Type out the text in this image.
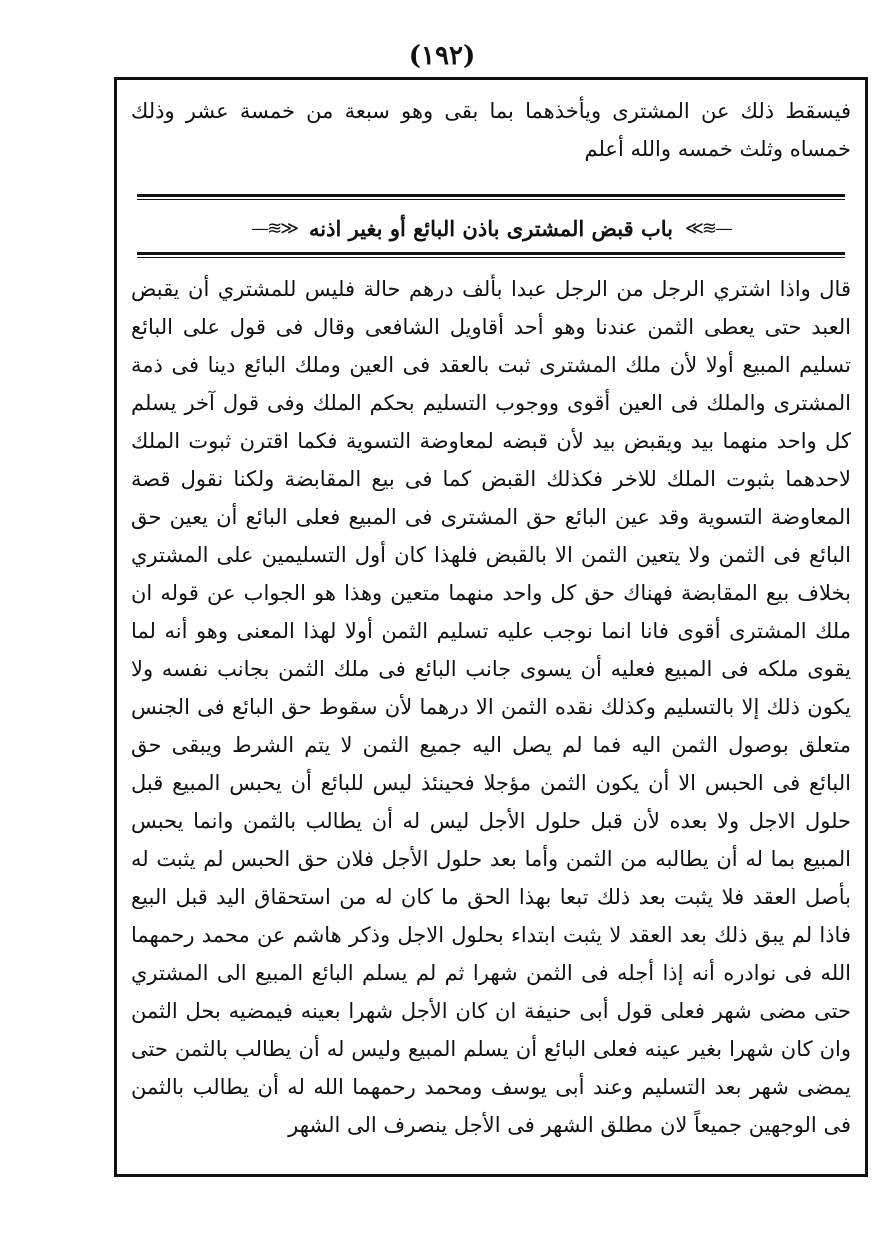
(۱۹۲)
فيسقط ذلك عن المشترى ويأخذهما بما بقى وهو سبعة من خمسة عشر وذلك خمساه وثلث خمسه والله أعلم
—≋≫
باب قبض المشترى باذن البائع أو بغير اذنه
≪≋—
قال واذا اشتري الرجل من الرجل عبدا بألف درهم حالة فليس للمشتري أن يقبض العبد حتى يعطى الثمن عندنا وهو أحد أقاويل الشافعى وقال فى قول على البائع تسليم المبيع أولا لأن ملك المشترى ثبت بالعقد فى العين وملك البائع دينا فى ذمة المشترى والملك فى العين أقوى ووجوب التسليم بحكم الملك وفى قول آخر يسلم كل واحد منهما بيد ويقبض بيد لأن قبضه لمعاوضة التسوية فكما اقترن ثبوت الملك لاحدهما بثبوت الملك للاخر فكذلك القبض كما فى بيع المقابضة ولكنا نقول قصة المعاوضة التسوية وقد عين البائع حق المشترى فى المبيع فعلى البائع أن يعين حق البائع فى الثمن ولا يتعين الثمن الا بالقبض فلهذا كان أول التسليمين على المشتري بخلاف بيع المقابضة فهناك حق كل واحد منهما متعين وهذا هو الجواب عن قوله ان ملك المشترى أقوى فانا انما نوجب عليه تسليم الثمن أولا لهذا المعنى وهو أنه لما يقوى ملكه فى المبيع فعليه أن يسوى جانب البائع فى ملك الثمن بجانب نفسه ولا يكون ذلك إلا بالتسليم وكذلك نقده الثمن الا درهما لأن سقوط حق البائع فى الجنس متعلق بوصول الثمن اليه فما لم يصل اليه جميع الثمن لا يتم الشرط ويبقى حق البائع فى الحبس الا أن يكون الثمن مؤجلا فحينئذ ليس للبائع أن يحبس المبيع قبل حلول الاجل ولا بعده لأن قبل حلول الأجل ليس له أن يطالب بالثمن وانما يحبس المبيع بما له أن يطالبه من الثمن وأما بعد حلول الأجل فلان حق الحبس لم يثبت له بأصل العقد فلا يثبت بعد ذلك تبعا بهذا الحق ما كان له من استحقاق اليد قبل البيع فاذا لم يبق ذلك بعد العقد لا يثبت ابتداء بحلول الاجل وذكر هاشم عن محمد رحمهما الله فى نوادره أنه إذا أجله فى الثمن شهرا ثم لم يسلم البائع المبيع الى المشتري حتى مضى شهر فعلى قول أبى حنيفة ان كان الأجل شهرا بعينه فيمضيه بحل الثمن وان كان شهرا بغير عينه فعلى البائع أن يسلم المبيع وليس له أن يطالب بالثمن حتى يمضى شهر بعد التسليم وعند أبى يوسف ومحمد رحمهما الله له أن يطالب بالثمن فى الوجهين جميعاً لان مطلق الشهر فى الأجل ينصرف الى الشهر
